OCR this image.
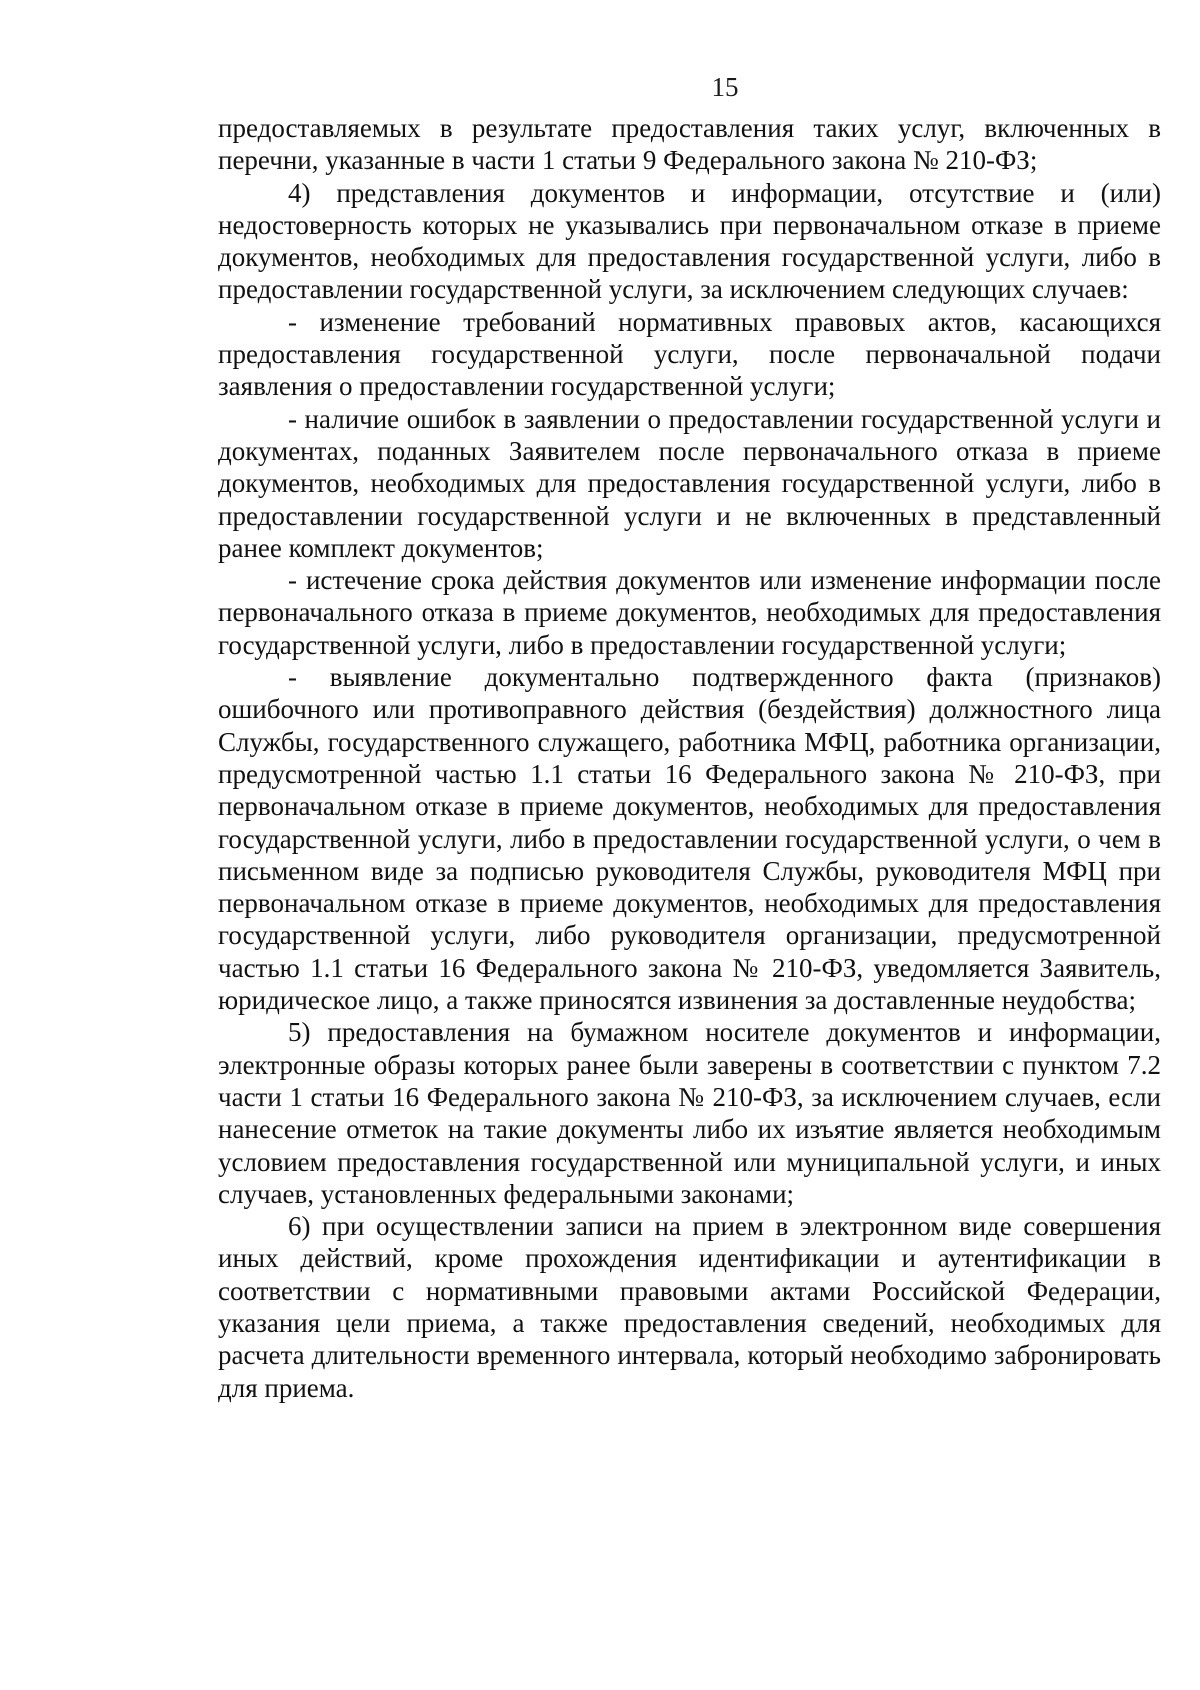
15

предоставляемых в результате предоставления таких услуг, включенных в перечни, указанные в части 1 статьи 9 Федерального закона № 210-ФЗ;

4) представления документов и информации, отсутствие и (или) недостоверность которых не указывались при первоначальном отказе в приеме документов, необходимых для предоставления государственной услуги, либо в предоставлении государственной услуги, за исключением следующих случаев:

- изменение требований нормативных правовых актов, касающихся предоставления государственной услуги, после первоначальной подачи заявления о предоставлении государственной услуги;

- наличие ошибок в заявлении о предоставлении государственной услуги и документах, поданных Заявителем после первоначального отказа в приеме документов, необходимых для предоставления государственной услуги, либо в предоставлении государственной услуги и не включенных в представленный ранее комплект документов;

- истечение срока действия документов или изменение информации после первоначального отказа в приеме документов, необходимых для предоставления государственной услуги, либо в предоставлении государственной услуги;

- выявление документально подтвержденного факта (признаков) ошибочного или противоправного действия (бездействия) должностного лица Службы, государственного служащего, работника МФЦ, работника организации, предусмотренной частью 1.1 статьи 16 Федерального закона № 210-ФЗ, при первоначальном отказе в приеме документов, необходимых для предоставления государственной услуги, либо в предоставлении государственной услуги, о чем в письменном виде за подписью руководителя Службы, руководителя МФЦ при первоначальном отказе в приеме документов, необходимых для предоставления государственной услуги, либо руководителя организации, предусмотренной частью 1.1 статьи 16 Федерального закона № 210-ФЗ, уведомляется Заявитель, юридическое лицо, а также приносятся извинения за доставленные неудобства;

5) предоставления на бумажном носителе документов и информации, электронные образы которых ранее были заверены в соответствии с пунктом 7.2 части 1 статьи 16 Федерального закона № 210-ФЗ, за исключением случаев, если нанесение отметок на такие документы либо их изъятие является необходимым условием предоставления государственной или муниципальной услуги, и иных случаев, установленных федеральными законами;

6) при осуществлении записи на прием в электронном виде совершения иных действий, кроме прохождения идентификации и аутентификации в соответствии с нормативными правовыми актами Российской Федерации, указания цели приема, а также предоставления сведений, необходимых для расчета длительности временного интервала, который необходимо забронировать для приема.
